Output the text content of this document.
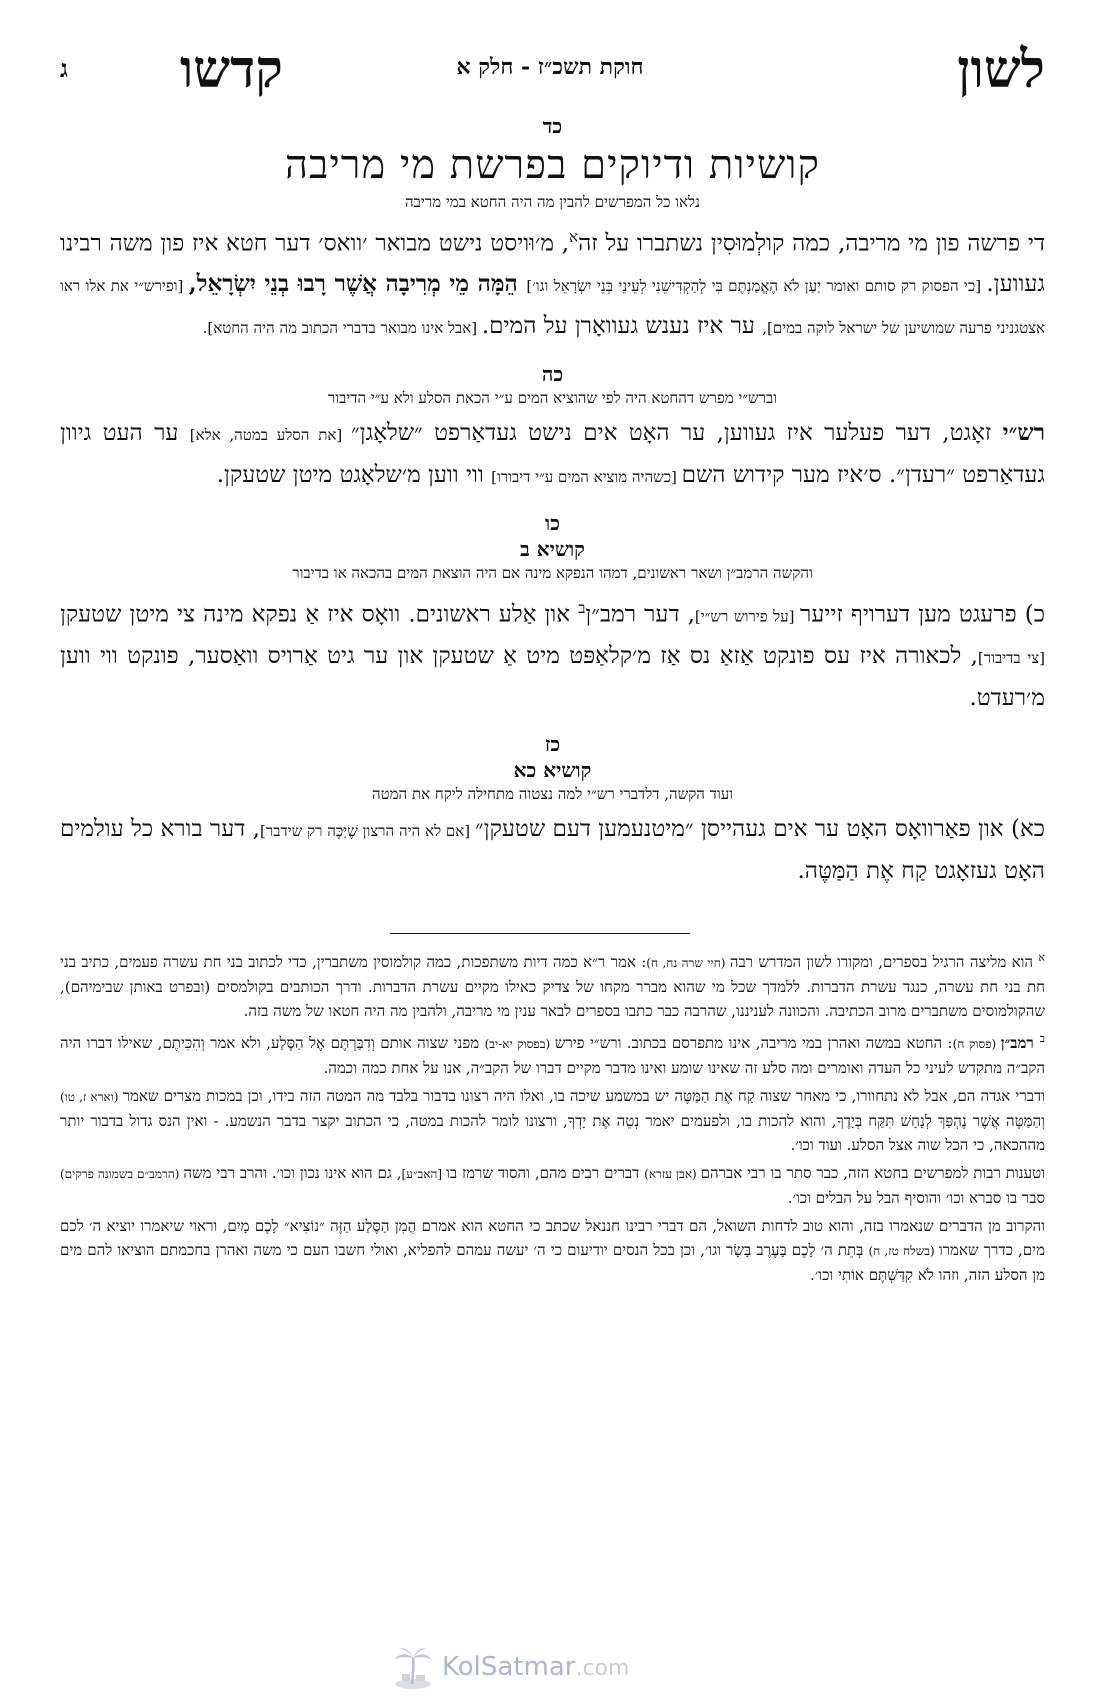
לשון
חוקת תשכ״ז - חלק א
קדשו
ג
כד
קושיות ודיוקים בפרשת מי מריבה
נלאו כל המפרשים להבין מה היה החטא במי מריבה
די פרשה פון מי מריבה, כמה קולְמוּסִין נשתברו על זה$^א$, מ׳וּויסט נישט מבואר ׳וואס׳ דער חטא איז פון משה רבינו געווען. [כי הפסוק רק סותם ואומר יַעַן לֹא הֶאֱמַנְתֶּם בִּי לְהַקְדִּישֵׁנִי לְעֵינֵי בְּנֵי יִשְׂרָאֵל וגו׳] הֵמָּה מֵי מְרִיבָה אֲשֶׁר רָבוּ בְנֵי יִשְׂרָאֵל, [ופירש״י את אלו ראו אצטגניני פרעה שמושיען של ישראל לוקה במים], ער איז נענש געוואָרן על המים. [אבל אינו מבואר בדברי הכתוב מה היה החטא].
כה
וברש״י מפרש דהחטא היה לפי שהוציא המים ע״י הכאת הסלע ולא ע״י הדיבור
רש״י זאָגט, דער פעלער איז געווען, ער האָט אים נישט געדאַרפט ״שלאָגן״ [את הסלע במטה, אלא] ער העט גיוון געדאַרפט ״רעדן״. ס׳איז מער קידוש השם [כשהיה מוציא המים ע״י דיבורו] ווי ווען מ׳שלאָגט מיטן שטעקן.
כו
קושיא ב
והקשה הרמב״ן ושאר ראשונים, דמהו הנפקא מינה אם היה הוצאת המים בהכאה או בדיבור
כ) פרעגט מען דערויף זייער [על פירוש רש״י], דער רמב״ן$^ב$ און אַלע ראשונים. וואָס איז אַ נפקא מינה צי מיטן שטעקן [צי בדיבור], לכאורה איז עס פונקט אַזאַ נס אַז מ׳קלאַפּט מיט אַ שטעקן און ער גיט אַרויס וואַסער, פונקט ווי ווען מ׳רעדט.
כז
קושיא כא
ועוד הקשה, דלדברי רש״י למה נצטוה מתחילה ליקח את המטה
כא) און פאַרוואָס האָט ער אים געהייסן ״מיטנעמען דעם שטעקן״ [אם לא היה הרצון שֶׁיַּכֶּה רק שידבר], דער בורא כל עולמים האָט געזאָגט קַח אֶת הַמַּטֶּה.
$^א$ הוא מליצה הרגיל בספרים, ומקורו לשון המדרש רבה (חיי שרה נח, ח): אמר ר״א כמה דיות משתפכות, כמה קולמוסין משתברין, כדי לכתוב בני חת עשרה פעמים, כתיב בני חת בני חת עשרה, כנגד עשרת הדברות. ללמדך שכל מי שהוא מברר מקחו של צדיק כאילו מקיים עשרת הדברות. ודרך הכותבים בקולמסים (ובפרט באותן שבימיהם), שהקולמוסים משתברים מרוב הכתיבה. והכוונה לעניננו, שהרבה כבר כתבו בספרים לבאר ענין מי מריבה, ולהבין מה היה חטאו של משה בזה.
$^ב$ רמב״ן (פסוק ח): החטא במשה ואהרן במי מריבה, אינו מתפרסם בכתוב. ורש״י פירש (בפסוק יא-יב) מפני שצוה אותם וְדִבַּרְתֶּם אֶל הַסֶּלַע, ולא אמר וְהִכִּיתֶם, שאילו דברו היה הקב״ה מתקדש לעיני כל העדה ואומרים ומה סלע זה שאינו שומע ואינו מדבר מקיים דברו של הקב״ה, אנו על אחת כמה וכמה.
ודברי אגדה הם, אבל לא נתחוורו, כי מאחר שצוה קַח אֶת הַמַּטֶּה יש במשמע שיכה בו, ואלו היה רצונו בדבור בלבד מה המטה הזה בידו, וכן במכות מצרים שאמר (וארא ז, טו) וְהַמַּטֶּה אֲשֶׁר נֶהְפַּךְ לְנָחָשׁ תִּקַּח בְּיָדֶךָ, והוא להכות בו, ולפעמים יאמר נְטֵה אֶת יָדְךָ, ורצונו לומר להכות במטה, כי הכתוב יקצר בדבר הנשמע. - ואין הנס גדול בדבור יותר מההכאה, כי הכל שוה אצל הסלע. ועוד וכו׳.
וטענות רבות למפרשים בחטא הזה, כבר סתר בו רבי אברהם (אבן עזרא) דברים רבים מהם, והסוד שרמז בו [האב״ע], גם הוא אינו נכון וכו׳. והרב רבי משה (הרמב״ם בשמונה פרקים) סבר בו סברא וכו׳ והוסיף הבל על הבלים וכו׳.
והקרוב מן הדברים שנאמרו בזה, והוא טוב לדחות השואל, הם דברי רבינו חננאל שכתב כי החטא הוא אמרם הֲמִן הַסֶּלַע הַזֶּה ״נוֹצִיא״ לָכֶם מָיִם, וראוי שיאמרו יוציא ה׳ לכם מים, כדרך שאמרו (בשלח טז, ח) בְּתֵת ה׳ לָכֶם בָּעֶרֶב בָּשָׂר וגו׳, וכן בכל הנסים יודיעום כי ה׳ יעשה עמהם להפליא, ואולי חשבו העם כי משה ואהרן בחכמתם הוציאו להם מים מן הסלע הזה, וזהו לֹא קִדַּשְׁתֶּם אוֹתִי וכו׳.
KolSatmar.com
